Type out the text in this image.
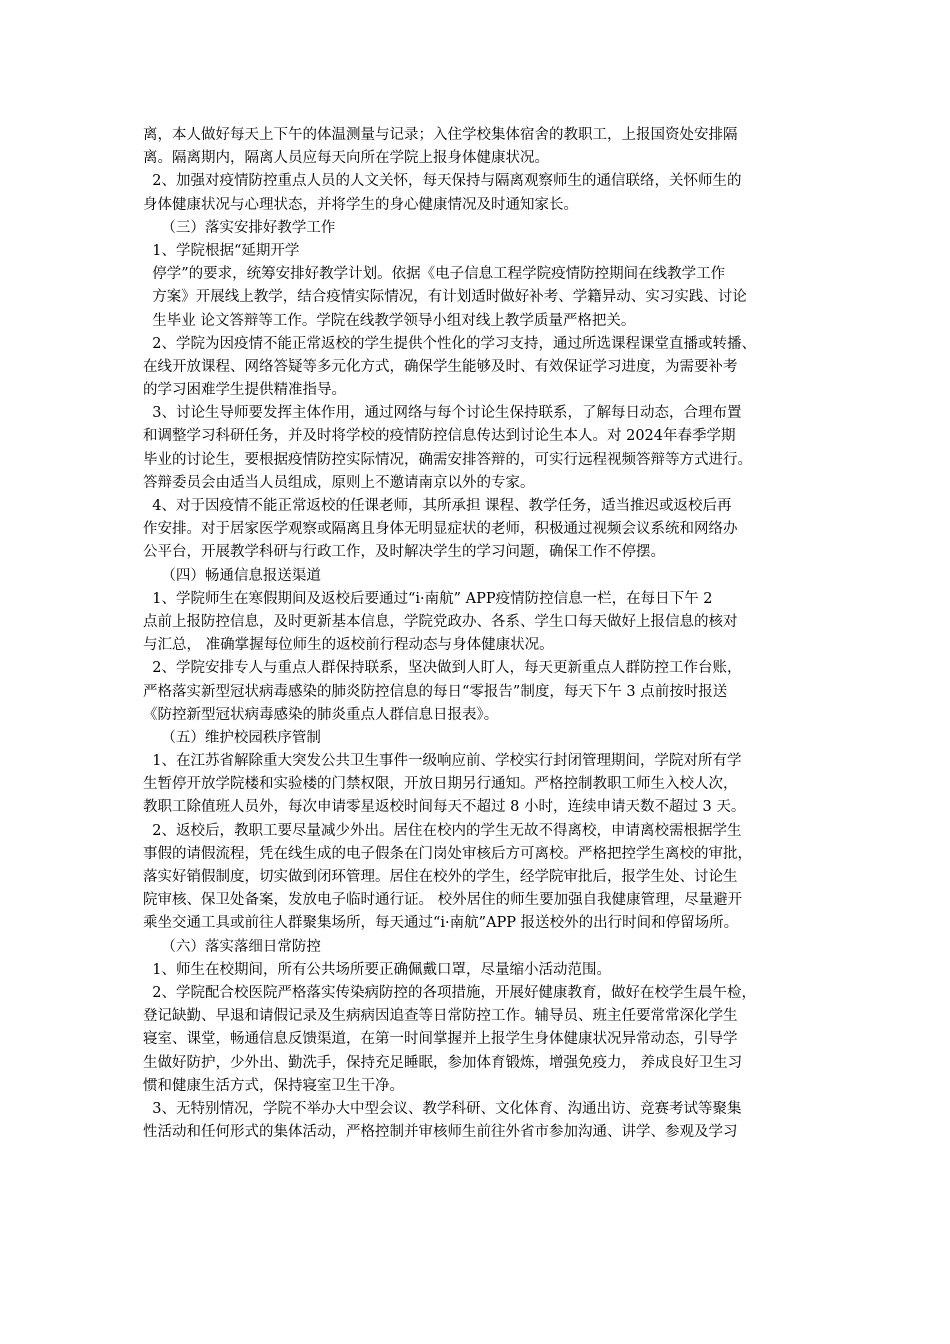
离，本人做好每天上下午的体温测量与记录；入住学校集体宿舍的教职工，上报国资处安排隔
离。隔离期内，隔离人员应每天向所在学院上报身体健康状况。
2、加强对疫情防控重点人员的人文关怀，每天保持与隔离观察师生的通信联络，关怀师生的
身体健康状况与心理状态，并将学生的身心健康情况及时通知家长。
（三）落实安排好教学工作
1、学院根据“延期开学
停学”的要求，统筹安排好教学计划。依据《电子信息工程学院疫情防控期间在线教学工作
方案》开展线上教学，结合疫情实际情况，有计划适时做好补考、学籍异动、实习实践、讨论
生毕业 论文答辩等工作。学院在线教学领导小组对线上教学质量严格把关。
2、学院为因疫情不能正常返校的学生提供个性化的学习支持，通过所选课程课堂直播或转播、
在线开放课程、网络答疑等多元化方式，确保学生能够及时、有效保证学习进度，为需要补考
的学习困难学生提供精准指导。
3、讨论生导师要发挥主体作用，通过网络与每个讨论生保持联系，了解每日动态，合理布置
和调整学习科研任务，并及时将学校的疫情防控信息传达到讨论生本人。对 2024年春季学期
毕业的讨论生，要根据疫情防控实际情况，确需安排答辩的，可实行远程视频答辩等方式进行。
答辩委员会由适当人员组成，原则上不邀请南京以外的专家。
4、对于因疫情不能正常返校的任课老师，其所承担 课程、教学任务，适当推迟或返校后再
作安排。对于居家医学观察或隔离且身体无明显症状的老师，积极通过视频会议系统和网络办
公平台，开展教学科研与行政工作，及时解决学生的学习问题，确保工作不停摆。
（四）畅通信息报送渠道
1、学院师生在寒假期间及返校后要通过“i·南航” APP疫情防控信息一栏，在每日下午 2
点前上报防控信息，及时更新基本信息，学院党政办、各系、学生口每天做好上报信息的核对
与汇总， 准确掌握每位师生的返校前行程动态与身体健康状况。
2、学院安排专人与重点人群保持联系，坚决做到人盯人，每天更新重点人群防控工作台账，
严格落实新型冠状病毒感染的肺炎防控信息的每日“零报告”制度，每天下午 3 点前按时报送
《防控新型冠状病毒感染的肺炎重点人群信息日报表》。
（五）维护校园秩序管制
1、在江苏省解除重大突发公共卫生事件一级响应前、学校实行封闭管理期间，学院对所有学
生暂停开放学院楼和实验楼的门禁权限，开放日期另行通知。严格控制教职工师生入校人次，
教职工除值班人员外，每次申请零星返校时间每天不超过 8 小时，连续申请天数不超过 3 天。
2、返校后，教职工要尽量减少外出。居住在校内的学生无故不得离校，申请离校需根据学生
事假的请假流程，凭在线生成的电子假条在门岗处审核后方可离校。严格把控学生离校的审批，
落实好销假制度，切实做到闭环管理。居住在校外的学生，经学院审批后，报学生处、讨论生
院审核、保卫处备案，发放电子临时通行证。 校外居住的师生要加强自我健康管理，尽量避开
乘坐交通工具或前往人群聚集场所，每天通过“i·南航”APP 报送校外的出行时间和停留场所。
（六）落实落细日常防控
1、师生在校期间，所有公共场所要正确佩戴口罩，尽量缩小活动范围。
2、学院配合校医院严格落实传染病防控的各项措施，开展好健康教育，做好在校学生晨午检，
登记缺勤、早退和请假记录及生病病因追查等日常防控工作。辅导员、班主任要常常深化学生
寝室、课堂，畅通信息反馈渠道，在第一时间掌握并上报学生身体健康状况异常动态，引导学
生做好防护，少外出、勤洗手，保持充足睡眠，参加体育锻炼，增强免疫力， 养成良好卫生习
惯和健康生活方式，保持寝室卫生干净。
3、无特别情况，学院不举办大中型会议、教学科研、文化体育、沟通出访、竞赛考试等聚集
性活动和任何形式的集体活动，严格控制并审核师生前往外省市参加沟通、讲学、参观及学习
